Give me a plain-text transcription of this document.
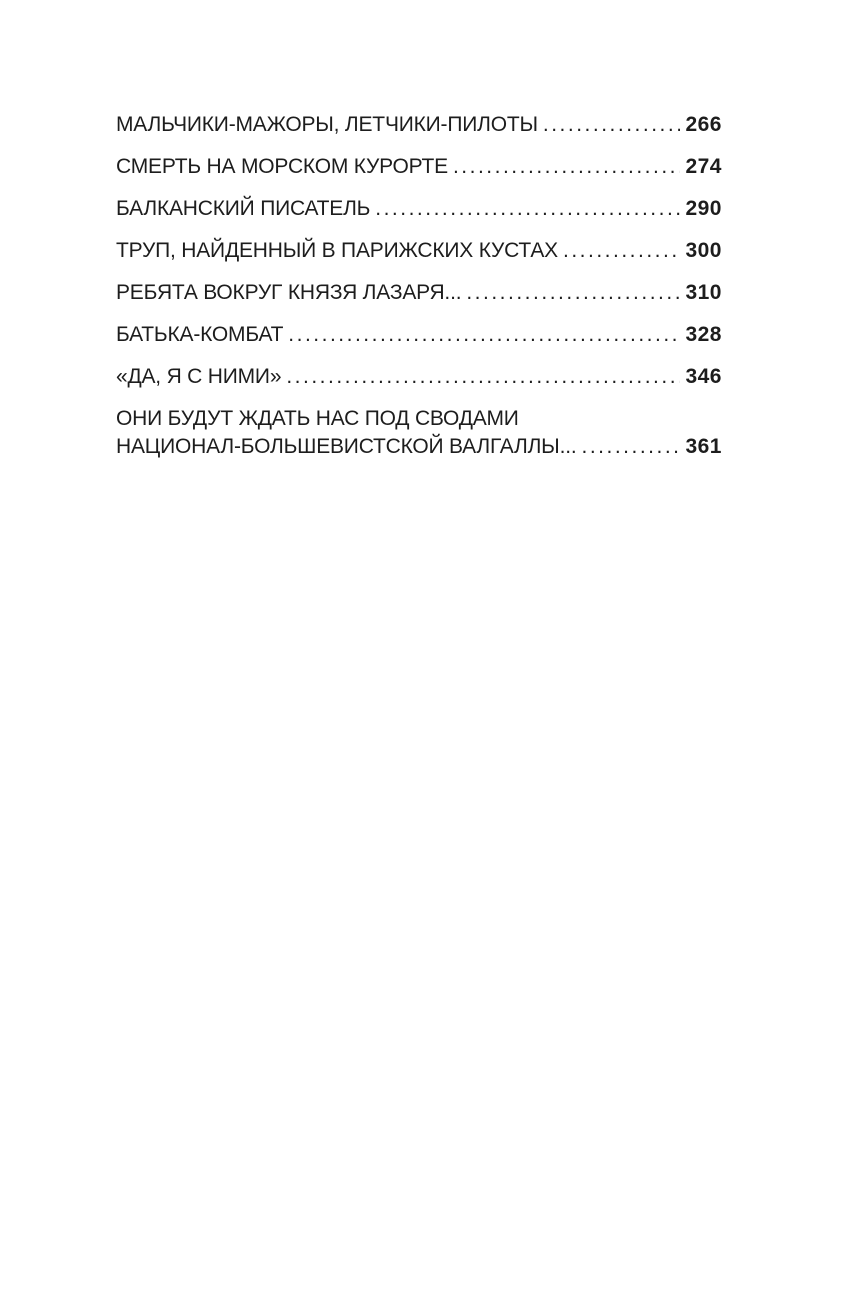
МАЛЬЧИКИ-МАЖОРЫ, ЛЕТЧИКИ-ПИЛОТЫ .....	266
СМЕРТЬ НА МОРСКОМ КУРОРТЕ .....	274
БАЛКАНСКИЙ ПИСАТЕЛЬ .....	290
ТРУП, НАЙДЕННЫЙ В ПАРИЖСКИХ КУСТАХ .....	300
РЕБЯТА ВОКРУГ КНЯЗЯ ЛАЗАРЯ... .....	310
БАТЬКА-КОМБАТ .....	328
«ДА, Я С НИМИ» .....	346
ОНИ БУДУТ ЖДАТЬ НАС ПОД СВОДАМИ
НАЦИОНАЛ-БОЛЬШЕВИСТСКОЙ ВАЛГАЛЛЫ... .....	361
